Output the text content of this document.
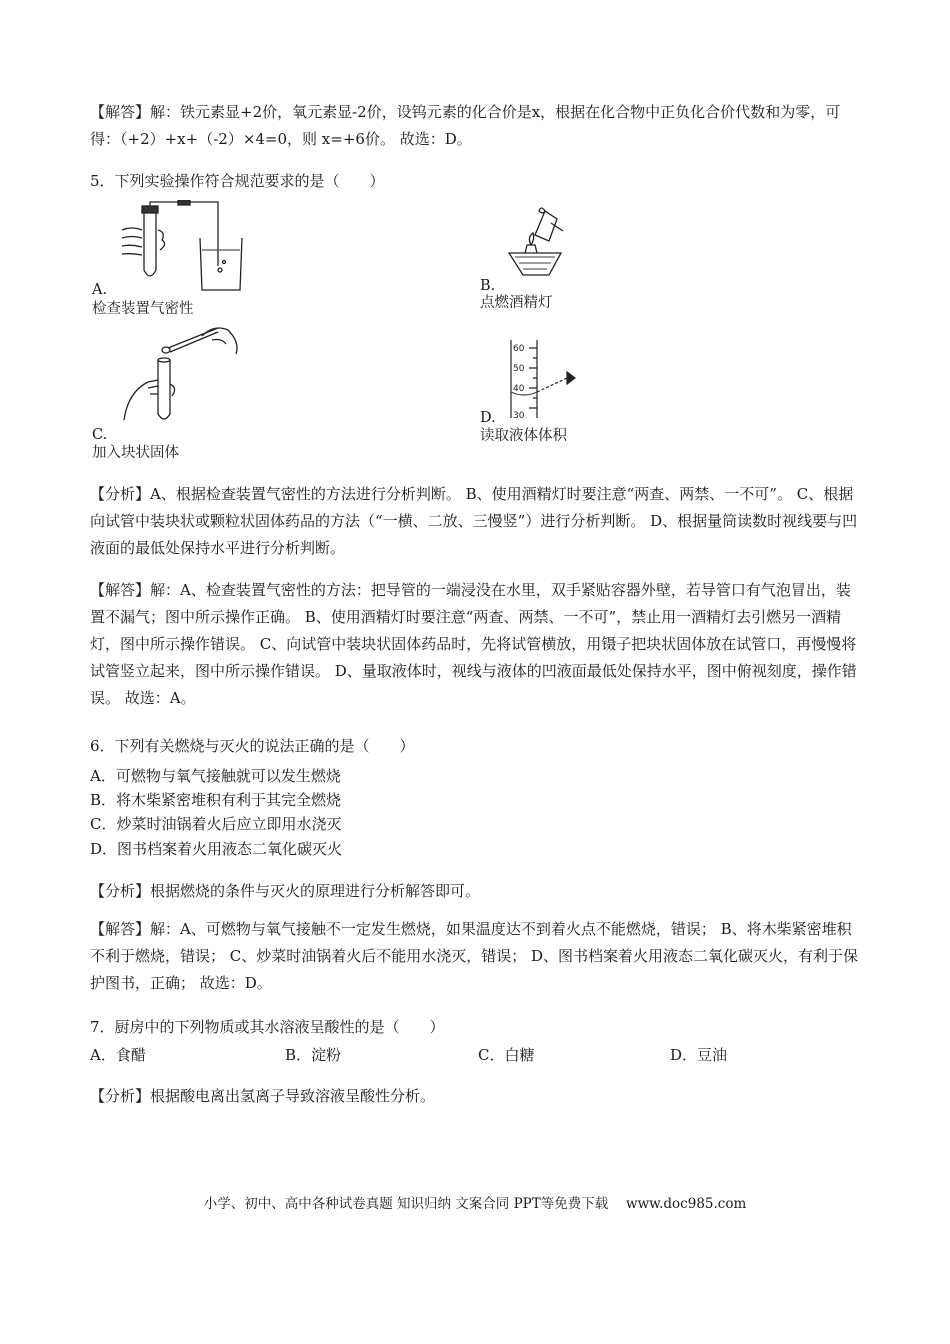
【解答】解：铁元素显+2价，氧元素显-2价，设钨元素的化合价是x，根据在化合物中正负化合价代数和为零，可得：（+2）+x+（-2）×4=0，则 x=+6价。 故选：D。

5．下列实验操作符合规范要求的是（　　）
A.
检查装置气密性
B.
点燃酒精灯
C.
加入块状固体
60
50
40
30
D.
读取液体体积

【分析】A、根据检查装置气密性的方法进行分析判断。 B、使用酒精灯时要注意“两查、两禁、一不可”。 C、根据向试管中装块状或颗粒状固体药品的方法（“一横、二放、三慢竖”）进行分析判断。 D、根据量筒读数时视线要与凹液面的最低处保持水平进行分析判断。

【解答】解：A、检查装置气密性的方法：把导管的一端浸没在水里，双手紧贴容器外壁，若导管口有气泡冒出，装置不漏气；图中所示操作正确。 B、使用酒精灯时要注意“两查、两禁、一不可”，禁止用一酒精灯去引燃另一酒精灯，图中所示操作错误。 C、向试管中装块状固体药品时，先将试管横放，用镊子把块状固体放在试管口，再慢慢将试管竖立起来，图中所示操作错误。 D、量取液体时，视线与液体的凹液面最低处保持水平，图中俯视刻度，操作错误。 故选：A。

6．下列有关燃烧与灭火的说法正确的是（　　）
A．可燃物与氧气接触就可以发生燃烧
B．将木柴紧密堆积有利于其完全燃烧
C．炒菜时油锅着火后应立即用水浇灭
D．图书档案着火用液态二氧化碳灭火
【分析】根据燃烧的条件与灭火的原理进行分析解答即可。

【解答】解：A、可燃物与氧气接触不一定发生燃烧，如果温度达不到着火点不能燃烧，错误； B、将木柴紧密堆积不利于燃烧，错误； C、炒菜时油锅着火后不能用水浇灭，错误； D、图书档案着火用液态二氧化碳灭火，有利于保护图书，正确； 故选：D。

7．厨房中的下列物质或其水溶液呈酸性的是（　　）
A．食醋	B．淀粉	C．白糖	D．豆油
【分析】根据酸电离出氢离子导致溶液呈酸性分析。
小学、初中、高中各种试卷真题 知识归纳 文案合同 PPT等免费下载　 www.doc985.com
